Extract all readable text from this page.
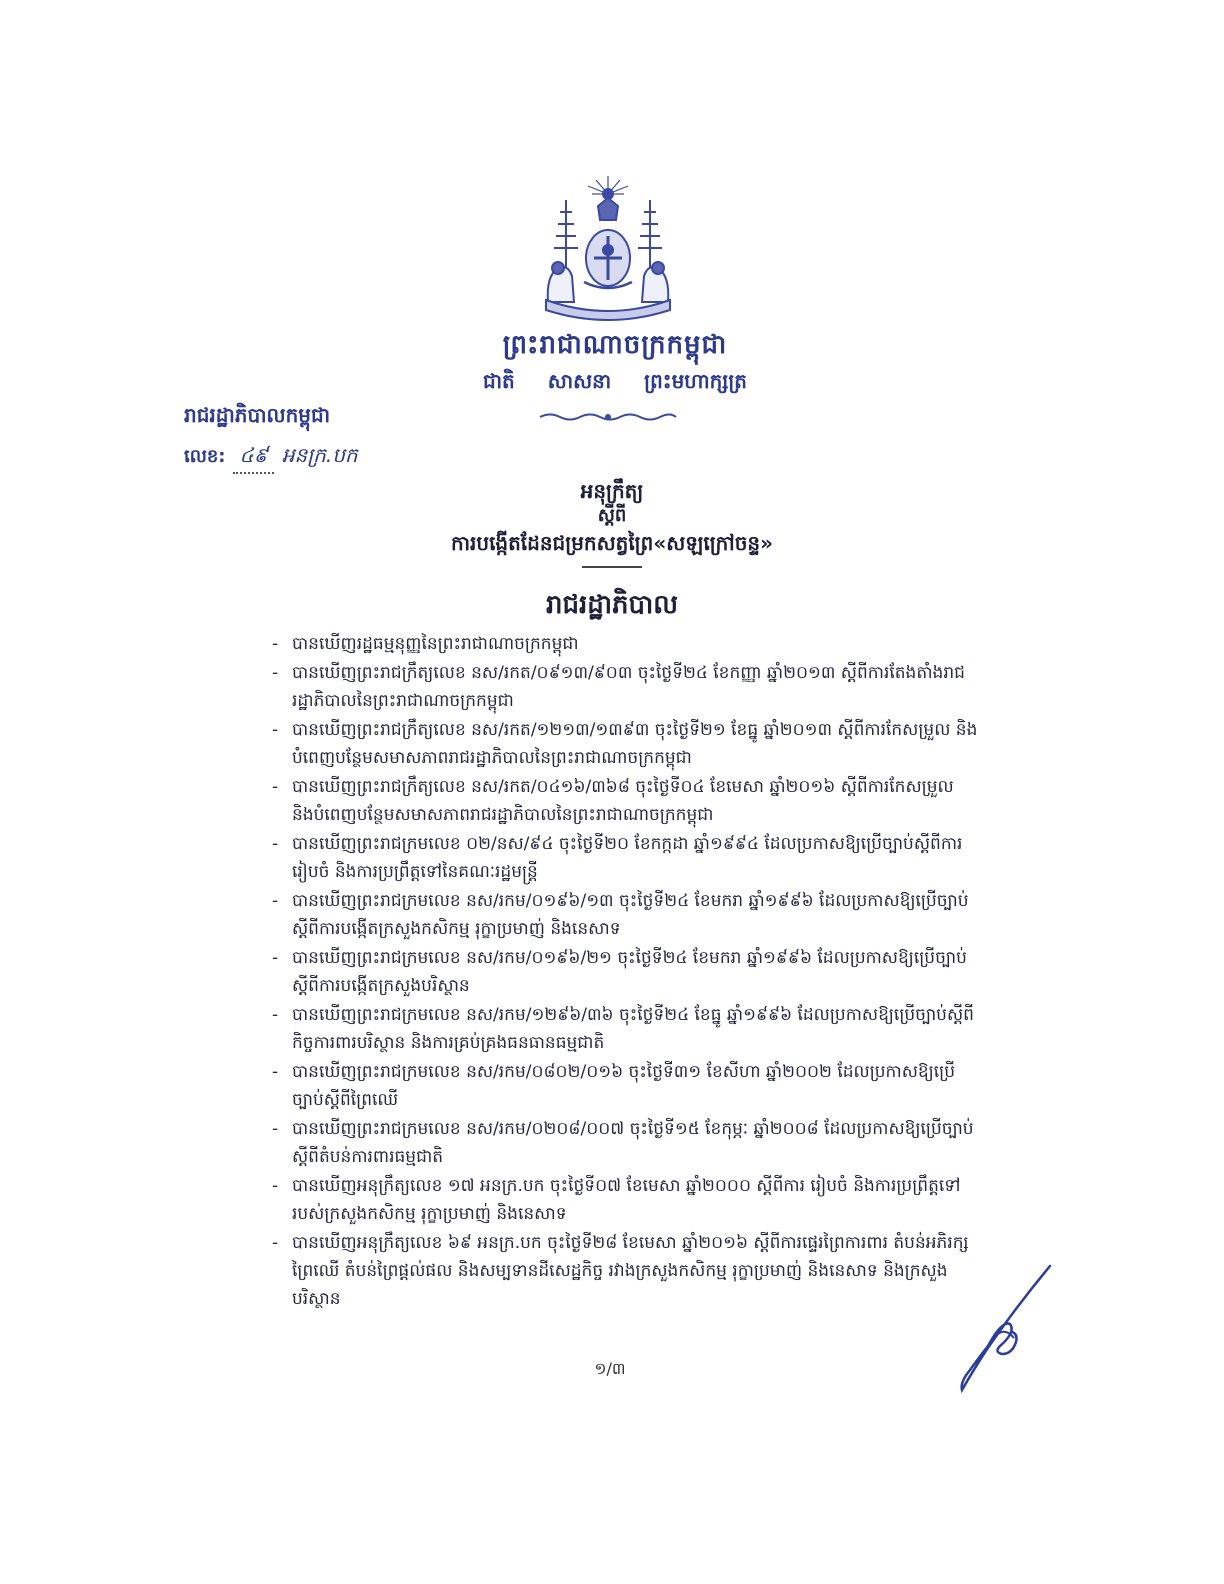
ព្រះរាជាណាចក្រកម្ពុជា
ជាតិ សាសនា ព្រះមហាក្សត្រ
រាជរដ្ឋាភិបាលកម្ពុជា
លេខ: ៤៩ អនក្រ.បក
អនុក្រឹត្យ
ស្តីពី
ការបង្កើតដែនជម្រកសត្វព្រៃ«សឡក្រៅចន្ទ»
រាជរដ្ឋាភិបាល
- បានឃើញរដ្ឋធម្មនុញ្ញនៃព្រះរាជាណាចក្រកម្ពុជា
- បានឃើញព្រះរាជក្រឹត្យលេខ នស/រកត/០៩១៣/៩០៣ ចុះថ្ងៃទី២៤ ខែកញ្ញា ឆ្នាំ២០១៣ ស្តីពីការតែងតាំងរាជរដ្ឋាភិបាលនៃព្រះរាជាណាចក្រកម្ពុជា
- បានឃើញព្រះរាជក្រឹត្យលេខ នស/រកត/១២១៣/១៣៩៣ ចុះថ្ងៃទី២១ ខែធ្នូ ឆ្នាំ២០១៣ ស្តីពីការកែសម្រួល និងបំពេញបន្ថែមសមាសភាពរាជរដ្ឋាភិបាលនៃព្រះរាជាណាចក្រកម្ពុជា
- បានឃើញព្រះរាជក្រឹត្យលេខ នស/រកត/០៤១៦/៣៦៨ ចុះថ្ងៃទី០៤ ខែមេសា ឆ្នាំ២០១៦ ស្តីពីការកែសម្រួល និងបំពេញបន្ថែមសមាសភាពរាជរដ្ឋាភិបាលនៃព្រះរាជាណាចក្រកម្ពុជា
- បានឃើញព្រះរាជក្រមលេខ ០២/នស/៩៤ ចុះថ្ងៃទី២០ ខែកក្កដា ឆ្នាំ១៩៩៤ ដែលប្រកាសឱ្យប្រើច្បាប់ស្តីពីការរៀបចំ និងការប្រព្រឹត្តទៅនៃគណៈរដ្ឋមន្ត្រី
- បានឃើញព្រះរាជក្រមលេខ នស/រកម/០១៩៦/១៣ ចុះថ្ងៃទី២៤ ខែមករា ឆ្នាំ១៩៩៦ ដែលប្រកាសឱ្យប្រើច្បាប់ស្តីពីការបង្កើតក្រសួងកសិកម្ម រុក្ខាប្រមាញ់ និងនេសាទ
- បានឃើញព្រះរាជក្រមលេខ នស/រកម/០១៩៦/២១ ចុះថ្ងៃទី២៤ ខែមករា ឆ្នាំ១៩៩៦ ដែលប្រកាសឱ្យប្រើច្បាប់ស្តីពីការបង្កើតក្រសួងបរិស្ថាន
- បានឃើញព្រះរាជក្រមលេខ នស/រកម/១២៩៦/៣៦ ចុះថ្ងៃទី២៤ ខែធ្នូ ឆ្នាំ១៩៩៦ ដែលប្រកាសឱ្យប្រើច្បាប់ស្តីពីកិច្ចការពារបរិស្ថាន និងការគ្រប់គ្រងធនធានធម្មជាតិ
- បានឃើញព្រះរាជក្រមលេខ នស/រកម/០៨០២/០១៦ ចុះថ្ងៃទី៣១ ខែសីហា ឆ្នាំ២០០២ ដែលប្រកាសឱ្យប្រើច្បាប់ស្តីពីព្រៃឈើ
- បានឃើញព្រះរាជក្រមលេខ នស/រកម/០២០៨/០០៧ ចុះថ្ងៃទី១៥ ខែកុម្ភៈ ឆ្នាំ២០០៨ ដែលប្រកាសឱ្យប្រើច្បាប់ស្តីពីតំបន់ការពារធម្មជាតិ
- បានឃើញអនុក្រឹត្យលេខ ១៧ អនក្រ.បក ចុះថ្ងៃទី០៧ ខែមេសា ឆ្នាំ២០០០ ស្តីពីការ រៀបចំ និងការប្រព្រឹត្តទៅរបស់ក្រសួងកសិកម្ម រុក្ខាប្រមាញ់ និងនេសាទ
- បានឃើញអនុក្រឹត្យលេខ ៦៩ អនក្រ.បក ចុះថ្ងៃទី២៨ ខែមេសា ឆ្នាំ២០១៦ ស្តីពីការផ្ទេរព្រៃការពារ តំបន់អភិរក្សព្រៃឈើ តំបន់ព្រៃផ្តល់ផល និងសម្បទានដីសេដ្ឋកិច្ច រវាងក្រសួងកសិកម្ម រុក្ខាប្រមាញ់ និងនេសាទ និងក្រសួងបរិស្ថាន
១/៣
